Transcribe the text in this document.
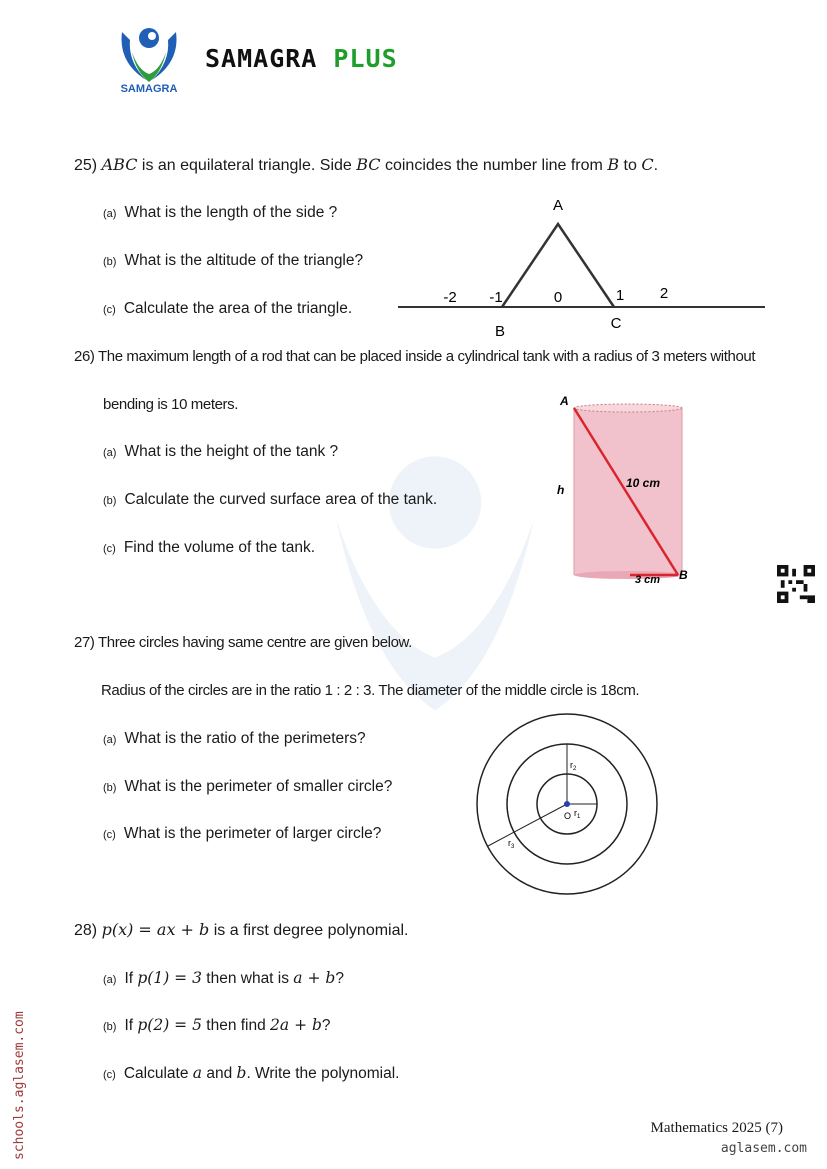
SAMAGRA
SAMAGRA PLUS
25) ABC is an equilateral triangle. Side BC coincides the number line from B to C.
(a) What is the length of the side ?
(b) What is the altitude of the triangle?
(c) Calculate the area of the triangle.
A
B	C
-2 -1	0	1 2
26) The maximum length of a rod that can be placed inside a cylindrical tank with a radius of 3 meters without
bending is 10 meters.
(a) What is the height of the tank ?
(b) Calculate the curved surface area of the tank.
(c) Find the volume of the tank.
A
B
h	10 cm
3 cm
27) Three circles having same centre are given below.
Radius of the circles are in the ratio 1 : 2 : 3. The diameter of the middle circle is 18cm.
(a) What is the ratio of the perimeters?
(b) What is the perimeter of smaller circle?
(c) What is the perimeter of larger circle?
O $r_1$
$r_2$
$r_3$
28) p(x) = ax + b is a first degree polynomial.
(a) If p(1) = 3 then what is a + b?
(b) If p(2) = 5 then find 2a + b?
(c) Calculate a and b. Write the polynomial.
Mathematics 2025 (7)
aglasem.com
schools.aglasem.com
